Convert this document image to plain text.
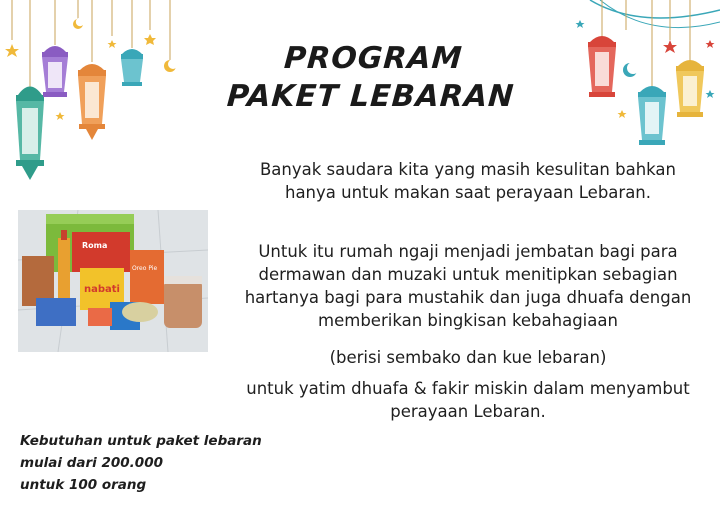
PROGRAM
PAKET LEBARAN
Banyak saudara kita yang masih kesulitan bahkan
hanya untuk makan saat perayaan Lebaran.
Untuk itu rumah ngaji menjadi jembatan bagi para
dermawan dan muzaki untuk menitipkan sebagian
hartanya bagi para mustahik dan juga dhuafa dengan
memberikan bingkisan kebahagiaan
(berisi sembako dan kue lebaran)
untuk yatim dhuafa & fakir miskin dalam menyambut
perayaan Lebaran.
Roma
nabati
Oreo Pie
Kebutuhan untuk paket lebaran
mulai dari 200.000
untuk 100 orang
